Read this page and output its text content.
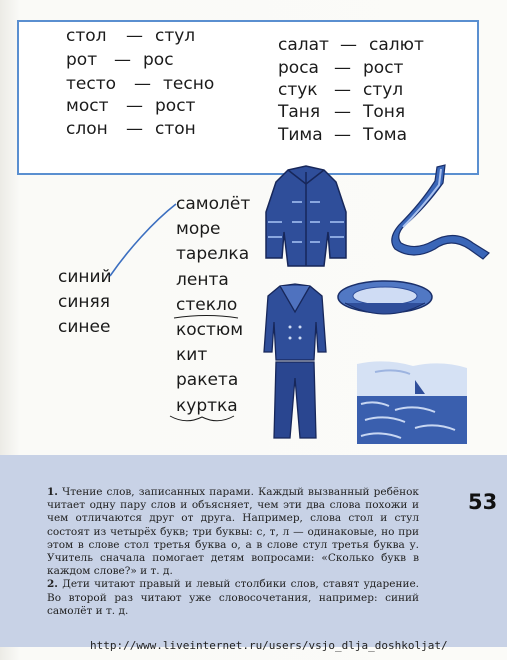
стол — стул
рот — рос
тесто — тесно
мост — рост
слон — стон
салат — салют
роса — рост
стук — стул
Таня — Тоня
Тима — Тома
синий
синяя
синее
самолёт
море
тарелка
лента
стекло
костюм
кит
ракета
куртка

1. Чтение слов, записанных парами. Каждый вызванный ребёнок читает одну пару слов и объясняет, чем эти два слова похожи и чем отличаются друг от друга. Например, слова стол и стул состоят из четырёх букв; три буквы: с, т, л — одинаковые, но при этом в слове стол третья буква о, а в слове стул третья буква у. Учитель сначала помогает детям вопросами: «Сколько букв в каждом слове?» и т. д.

2. Дети читают правый и левый столбики слов, ставят ударение. Во второй раз читают уже словосочетания, например: синий самолёт и т. д.

53
http://www.liveinternet.ru/users/vsjo_dlja_doshkoljat/
